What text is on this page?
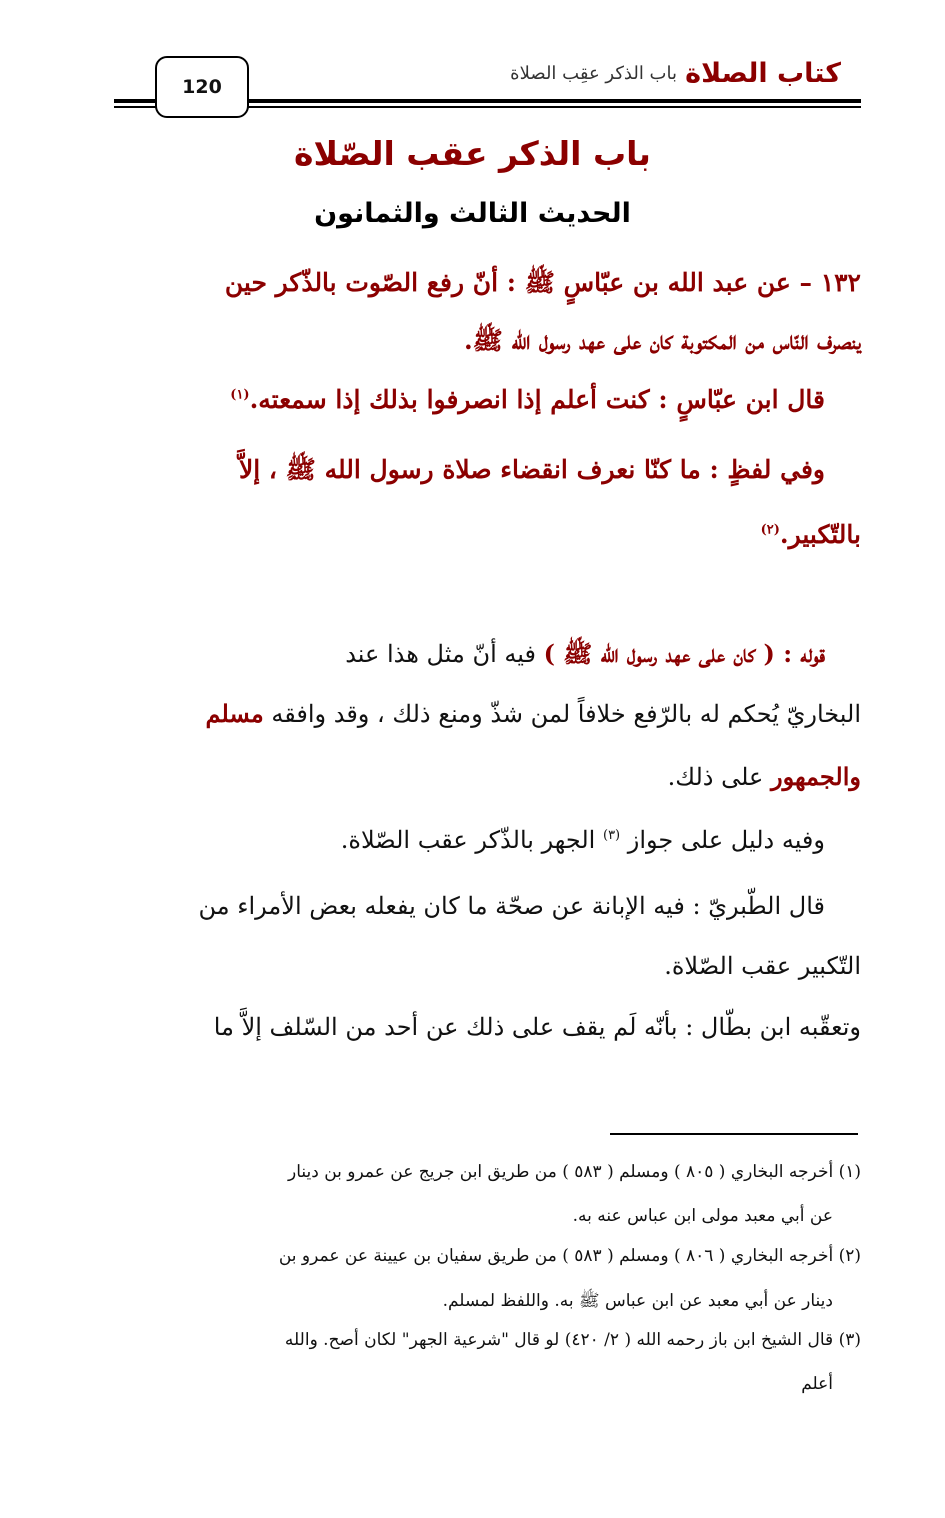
كتاب الصلاة
باب الذكر عقِب الصلاة
120
باب الذكر عقب الصّلاة
الحديث الثالث والثمانون
١٣٢ – عن عبد الله بن عبّاسٍ ﷺ : أنّ رفع الصّوت بالذّكر حين
ينصرف النّاس من المكتوبة كان على عهد رسول الله ﷺ.
قال ابن عبّاسٍ : كنت أعلم إذا انصرفوا بذلك إذا سمعته.$^{(١)}$
وفي لفظٍ : ما كنّا نعرف انقضاء صلاة رسول الله ﷺ ، إلاَّ
بالتّكبير.$^{(٢)}$
قوله : ( كان على عهد رسول الله ﷺ ) فيه أنّ مثل هذا عند
البخاريّ يُحكم له بالرّفع خلافاً لمن شذّ ومنع ذلك ، وقد وافقه مسلم
والجمهور على ذلك.
وفيه دليل على جواز $^{(٣)}$ الجهر بالذّكر عقب الصّلاة.
قال الطّبريّ : فيه الإبانة عن صحّة ما كان يفعله بعض الأمراء من
التّكبير عقب الصّلاة.
وتعقّبه ابن بطّال : بأنّه لَم يقف على ذلك عن أحد من السّلف إلاَّ ما
(١) أخرجه البخاري ( ٨٠٥ ) ومسلم ( ٥٨٣ ) من طريق ابن جريج عن عمرو بن دينار
عن أبي معبد مولى ابن عباس عنه به.
(٢) أخرجه البخاري ( ٨٠٦ ) ومسلم ( ٥٨٣ ) من طريق سفيان بن عيينة عن عمرو بن
دينار عن أبي معبد عن ابن عباس ﷺ به. واللفظ لمسلم.
(٣) قال الشيخ ابن باز رحمه الله ( ٢/ ٤٢٠) لو قال "شرعية الجهر" لكان أصح. والله
أعلم
